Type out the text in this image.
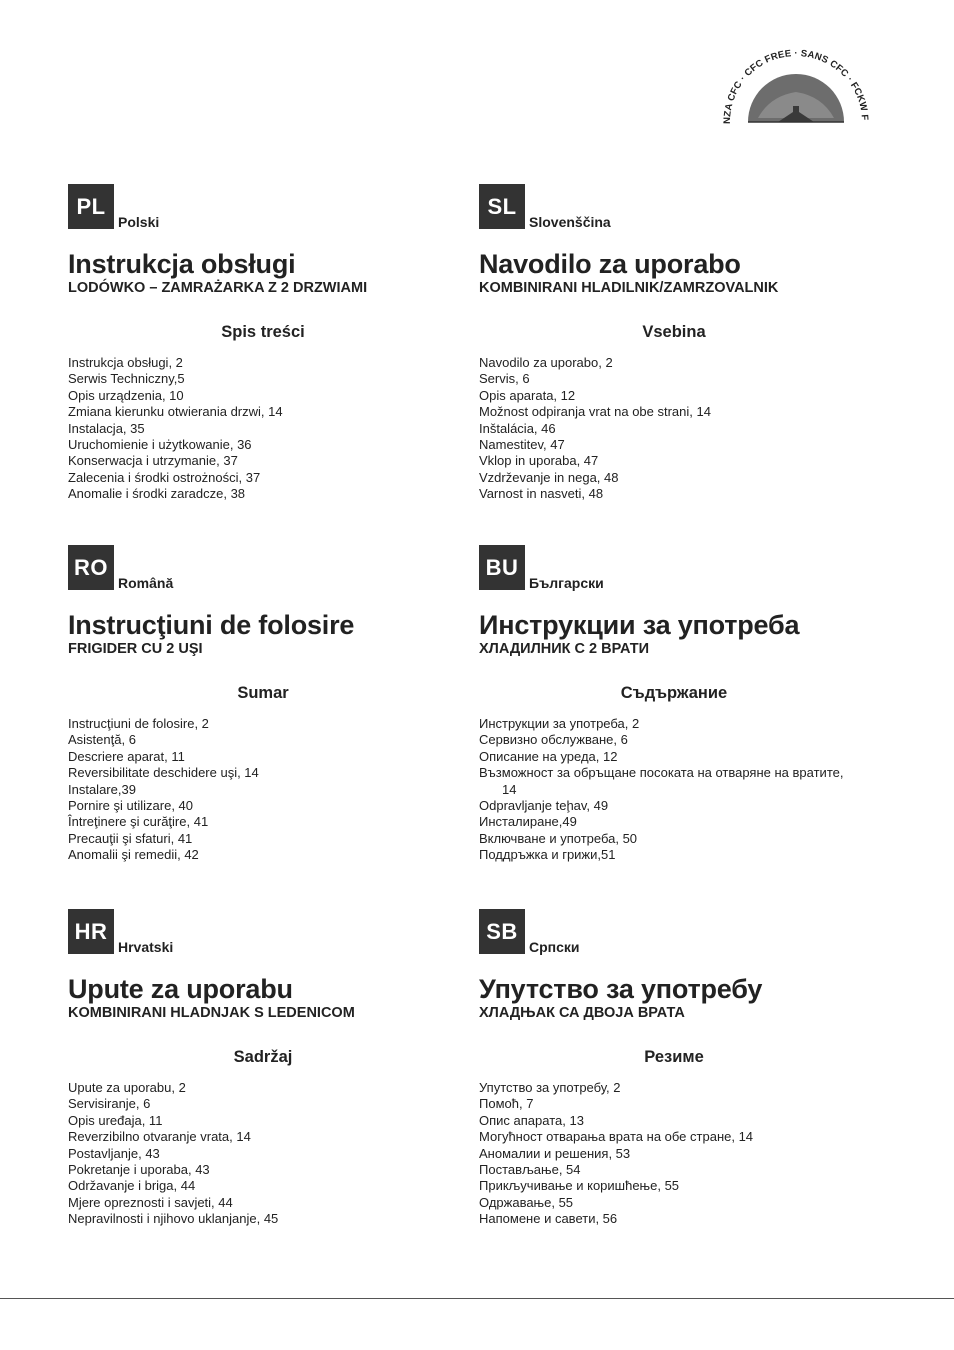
NZA CFC · CFC FREE · SANS CFC · FCKW F
PL
Polski
Instrukcja obsługi
LODÓWKO – ZAMRAŻARKA Z 2 DRZWIAMI
Spis treści
Instrukcja obsługi, 2
Serwis Techniczny,5
Opis urządzenia, 10
Zmiana kierunku otwierania drzwi, 14
Instalacja, 35
Uruchomienie i użytkowanie, 36
Konserwacja i utrzymanie, 37
Zalecenia i środki ostrożności, 37
Anomalie i środki zaradcze, 38
SL
Slovenščina
Navodilo za uporabo
KOMBINIRANI HLADILNIK/ZAMRZOVALNIK
Vsebina
Navodilo za uporabo, 2
Servis, 6
Opis aparata, 12
Možnost odpiranja vrat na obe strani, 14
Inštalácia, 46
Namestitev, 47
Vklop in uporaba, 47
Vzdrževanje in nega, 48
Varnost in nasveti, 48
RO
Română
Instrucţiuni de folosire
FRIGIDER CU 2 UŞI
Sumar
Instrucţiuni de folosire, 2
Asistenţă, 6
Descriere aparat, 11
Reversibilitate deschidere uşi, 14
Instalare,39
Pornire şi utilizare, 40
Întreţinere şi curăţire, 41
Precauţii şi sfaturi, 41
Anomalii şi remedii, 42
BU
Български
Инструкции за употреба
ХЛАДИЛНИК С 2 ВРАТИ
Съдържание
Инструкции за употреба, 2
Сервизно обслужване, 6
Описание на уреда, 12
Възможност за обръщане посоката на отваряне на вратите,
14
Odpravljanje teḩav, 49
Инсталиране,49
Включване и употреба, 50
Поддръжка и грижи,51
HR
Hrvatski
Upute za uporabu
KOMBINIRANI HLADNJAK S LEDENICOM
Sadržaj
Upute za uporabu, 2
Servisiranje, 6
Opis uređaja, 11
Reverzibilno otvaranje vrata, 14
Postavljanje, 43
Pokretanje i uporaba, 43
Održavanje i briga, 44
Mjere opreznosti i savjeti, 44
Nepravilnosti i njihovo uklanjanje, 45
SB
Српски
Упутство за употребу
ХЛАДЊАК СА ДВОЈА ВРАТА
Резиме
Упутство за употребу, 2
Помоћ, 7
Опис апарата, 13
Могућност отварања врата на обе стране, 14
Аномалии и решения, 53
Постављање, 54
Прикључивање и коришћење, 55
Одржавање, 55
Напомене и савети, 56
